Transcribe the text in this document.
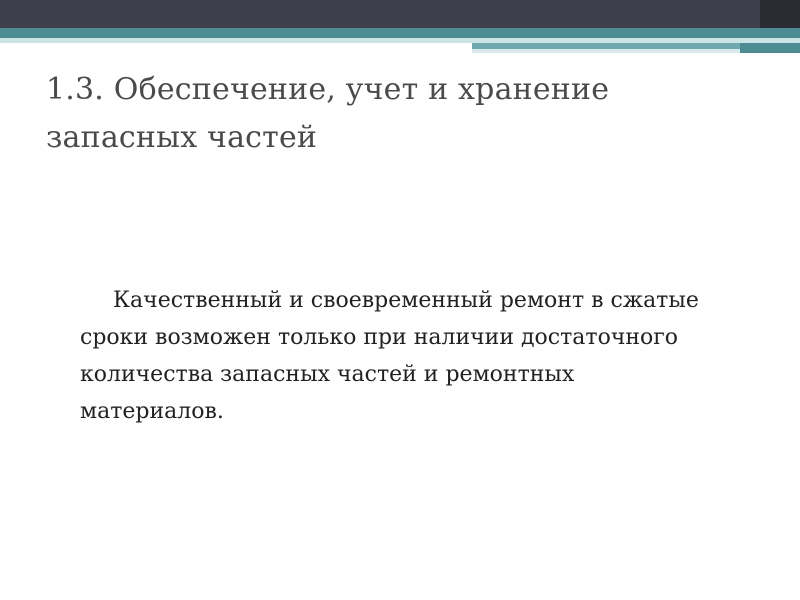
1.3. Обеспечение, учет и хранение запасных частей

Качественный и своевременный ремонт в сжатые сроки возможен только при наличии достаточного количества запасных частей и ремонтных материалов.
